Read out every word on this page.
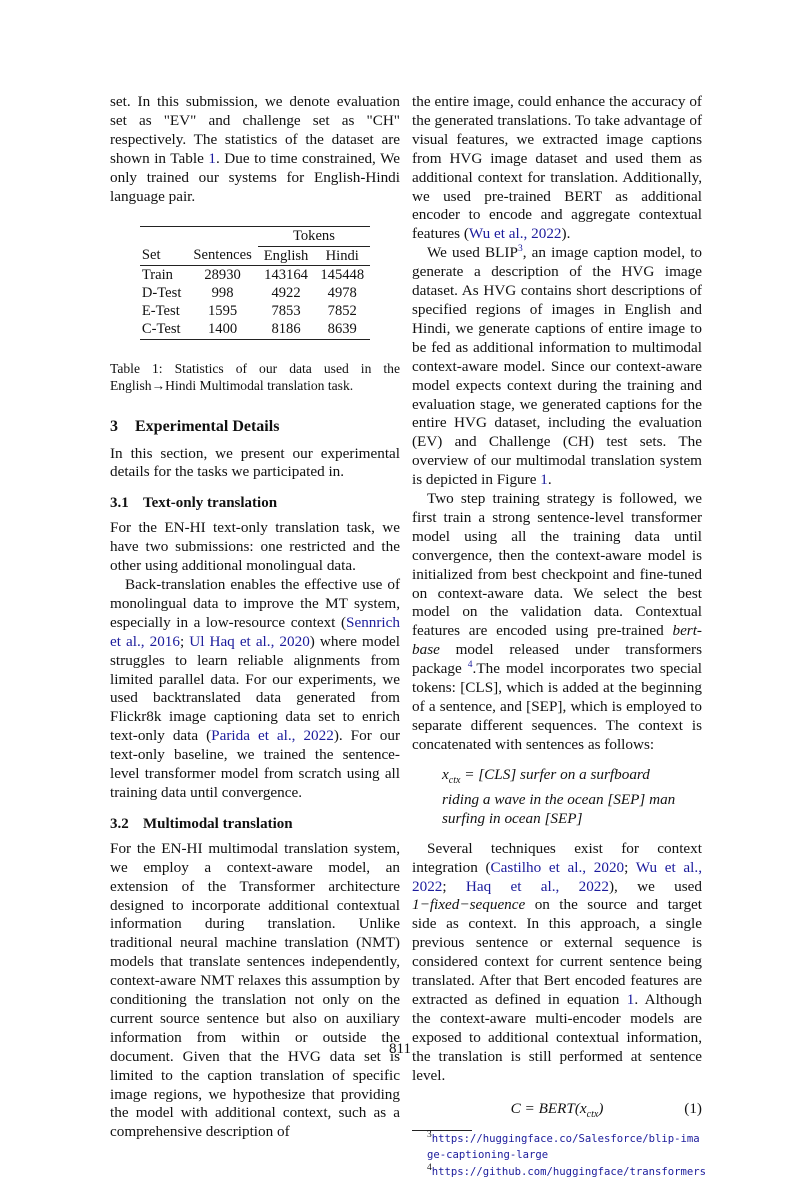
set. In this submission, we denote evaluation set as "EV" and challenge set as "CH" respectively. The statistics of the dataset are shown in Table 1. Due to time constrained, We only trained our systems for English-Hindi language pair.

		Tokens	
Set	Sentences	English	Hindi
Train	28930	143164	145448
D-Test	998	4922	4978
E-Test	1595	7853	7852
C-Test	1400	8186	8639

Table 1: Statistics of our data used in the English→Hindi Multimodal translation task.

3 Experimental Details

In this section, we present our experimental details for the tasks we participated in.

3.1 Text-only translation

For the EN-HI text-only translation task, we have two submissions: one restricted and the other using additional monolingual data.

Back-translation enables the effective use of monolingual data to improve the MT system, especially in a low-resource context (Sennrich et al., 2016; Ul Haq et al., 2020) where model struggles to learn reliable alignments from limited parallel data. For our experiments, we used backtranslated data generated from Flickr8k image captioning data set to enrich text-only data (Parida et al., 2022). For our text-only baseline, we trained the sentence-level transformer model from scratch using all training data until convergence.

3.2 Multimodal translation

For the EN-HI multimodal translation system, we employ a context-aware model, an extension of the Transformer architecture designed to incorporate additional contextual information during translation. Unlike traditional neural machine translation (NMT) models that translate sentences independently, context-aware NMT relaxes this assumption by conditioning the translation not only on the current source sentence but also on auxiliary information from within or outside the document. Given that the HVG data set is limited to the caption translation of specific image regions, we hypothesize that providing the model with additional context, such as a comprehensive description of

the entire image, could enhance the accuracy of the generated translations. To take advantage of visual features, we extracted image captions from HVG image dataset and used them as additional context for translation. Additionally, we used pre-trained BERT as additional encoder to encode and aggregate contextual features (Wu et al., 2022).

We used BLIP$^3$, an image caption model, to generate a description of the HVG image dataset. As HVG contains short descriptions of specified regions of images in English and Hindi, we generate captions of entire image to be fed as additional information to multimodal context-aware model. Since our context-aware model expects context during the training and evaluation stage, we generated captions for the entire HVG dataset, including the evaluation (EV) and Challenge (CH) test sets. The overview of our multimodal translation system is depicted in Figure 1.

Two step training strategy is followed, we first train a strong sentence-level transformer model using all the training data until convergence, then the context-aware model is initialized from best checkpoint and fine-tuned on context-aware data. We select the best model on the validation data. Contextual features are encoded using pre-trained bert-base model released under transformers package $^4$.The model incorporates two special tokens: [CLS], which is added at the beginning of a sentence, and [SEP], which is employed to separate different sequences. The context is concatenated with sentences as follows:

$x_{ctx} = [CLS]$ surfer on a surfboard riding a wave in the ocean [SEP] man surfing in ocean [SEP]

Several techniques exist for context integration (Castilho et al., 2020; Wu et al., 2022; Haq et al., 2022), we used 1−fixed−sequence on the source and target side as context. In this approach, a single previous sentence or external sequence is considered context for current sentence being translated. After that Bert encoded features are extracted as defined in equation 1. Although the context-aware multi-encoder models are exposed to additional contextual information, the translation is still performed at sentence level.

$C = BERT(x_{ctx})$	(1)
$^3$https://huggingface.co/Salesforce/blip-image-captioning-large
$^4$https://github.com/huggingface/transformers
811
